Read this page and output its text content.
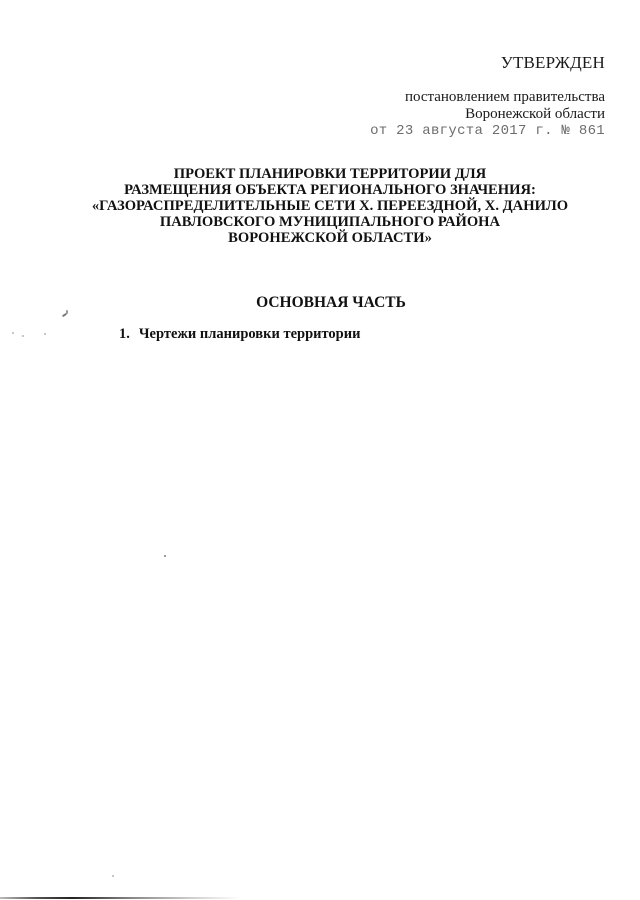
УТВЕРЖДЕН
постановлением правительства
Воронежской области
от 23 августа 2017 г. № 861
ПРОЕКТ ПЛАНИРОВКИ ТЕРРИТОРИИ ДЛЯ
РАЗМЕЩЕНИЯ ОБЪЕКТА РЕГИОНАЛЬНОГО ЗНАЧЕНИЯ:
«ГАЗОРАСПРЕДЕЛИТЕЛЬНЫЕ СЕТИ Х. ПЕРЕЕЗДНОЙ, Х. ДАНИЛО
ПАВЛОВСКОГО МУНИЦИПАЛЬНОГО РАЙОНА
ВОРОНЕЖСКОЙ ОБЛАСТИ»
ОСНОВНАЯ ЧАСТЬ
1. Чертежи планировки территории
